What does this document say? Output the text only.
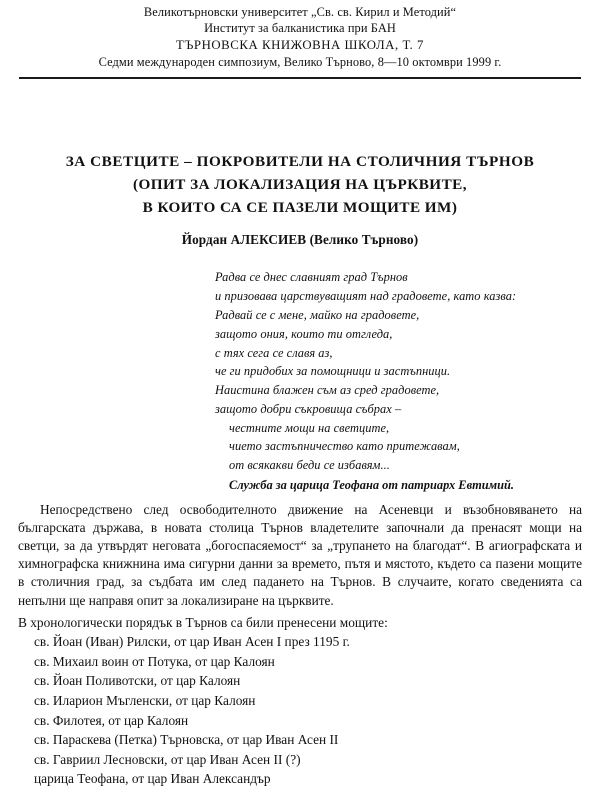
Великотърновски университет „Св. св. Кирил и Методий“
Институт за балканистика при БАН
ТЪРНОВСКА КНИЖОВНА ШКОЛА, Т. 7
Седми международен симпозиум, Велико Търново, 8—10 октомври 1999 г.
ЗА СВЕТЦИТЕ – ПОКРОВИТЕЛИ НА СТОЛИЧНИЯ ТЪРНОВ
(ОПИТ ЗА ЛОКАЛИЗАЦИЯ НА ЦЪРКВИТЕ,
В КОИТО СА СЕ ПАЗЕЛИ МОЩИТЕ ИМ)
Йордан АЛЕКСИЕВ (Велико Търново)
Радва се днес славният град Търнов
и призовава царствуващият над градовете, като казва:
Радвай се с мене, майко на градовете,
защото ония, които ти отгледа,
с тях сега се славя аз,
че ги придобих за помощници и застъпници.
Наистина блажен съм аз сред градовете,
защото добри съкровища събрах –
честните мощи на светците,
чието застъпничество като притежавам,
от всякакви беди се избавям...
Служба за царица Теофана от патриарх Евтимий.

Непосредствено след освободителното движение на Асеневци и възобновяването на българската държава, в новата столица Търнов владетелите започнали да пренасят мощи на светци, за да утвърдят неговата „богоспасяемост“ за „трупането на благодат“. В агиографската и химнографска книжнина има сигурни данни за времето, пътя и мястото, където са пазени мощите в столичния град, за съдбата им след падането на Търнов. В случаите, когато сведенията са непълни ще направя опит за локализиране на църквите.

В хронологически порядък в Търнов са били пренесени мощите:

св. Йоан (Иван) Рилски, от цар Иван Асен I през 1195 г.
св. Михаил воин от Потука, от цар Калоян
св. Йоан Поливотски, от цар Калоян
св. Иларион Мъгленски, от цар Калоян
св. Филотея, от цар Калоян
св. Параскева (Петка) Търновска, от цар Иван Асен II
св. Гавриил Лесновски, от цар Иван Асен II (?)
царица Теофана, от цар Иван Александър
